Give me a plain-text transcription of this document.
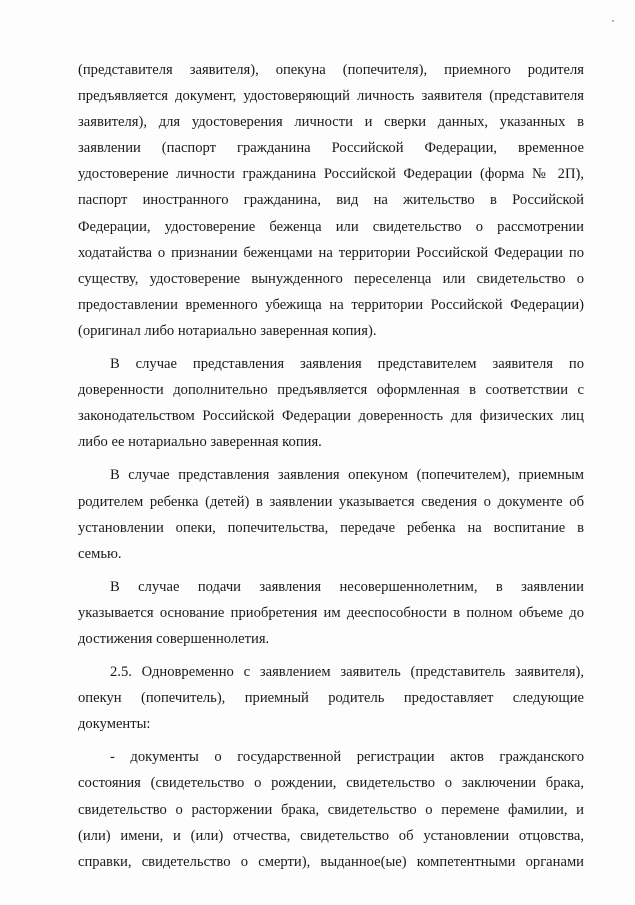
(представителя заявителя), опекуна (попечителя), приемного родителя

предъявляется документ, удостоверяющий личность заявителя (представителя

заявителя), для удостоверения личности и сверки данных, указанных в

заявлении (паспорт гражданина Российской Федерации, временное

удостоверение личности гражданина Российской Федерации (форма № 2П),

паспорт иностранного гражданина, вид на жительство в Российской

Федерации, удостоверение беженца или свидетельство о рассмотрении

ходатайства о признании беженцами на территории Российской Федерации по

существу, удостоверение вынужденного переселенца или свидетельство о

предоставлении временного убежища на территории Российской Федерации)

(оригинал либо нотариально заверенная копия).

В случае представления заявления представителем заявителя по

доверенности дополнительно предъявляется оформленная в соответствии с

законодательством Российской Федерации доверенность для физических лиц

либо ее нотариально заверенная копия.

В случае представления заявления опекуном (попечителем), приемным

родителем ребенка (детей) в заявлении указывается сведения о документе об

установлении опеки, попечительства, передаче ребенка на воспитание в

семью.

В случае подачи заявления несовершеннолетним, в заявлении

указывается основание приобретения им дееспособности в полном объеме до

достижения совершеннолетия.

2.5. Одновременно с заявлением заявитель (представитель заявителя),

опекун (попечитель), приемный родитель предоставляет следующие

документы:

- документы о государственной регистрации актов гражданского

состояния (свидетельство о рождении, свидетельство о заключении брака,

свидетельство о расторжении брака, свидетельство о перемене фамилии, и

(или) имени, и (или) отчества, свидетельство об установлении отцовства,

справки, свидетельство о смерти), выданное(ые) компетентными органами
